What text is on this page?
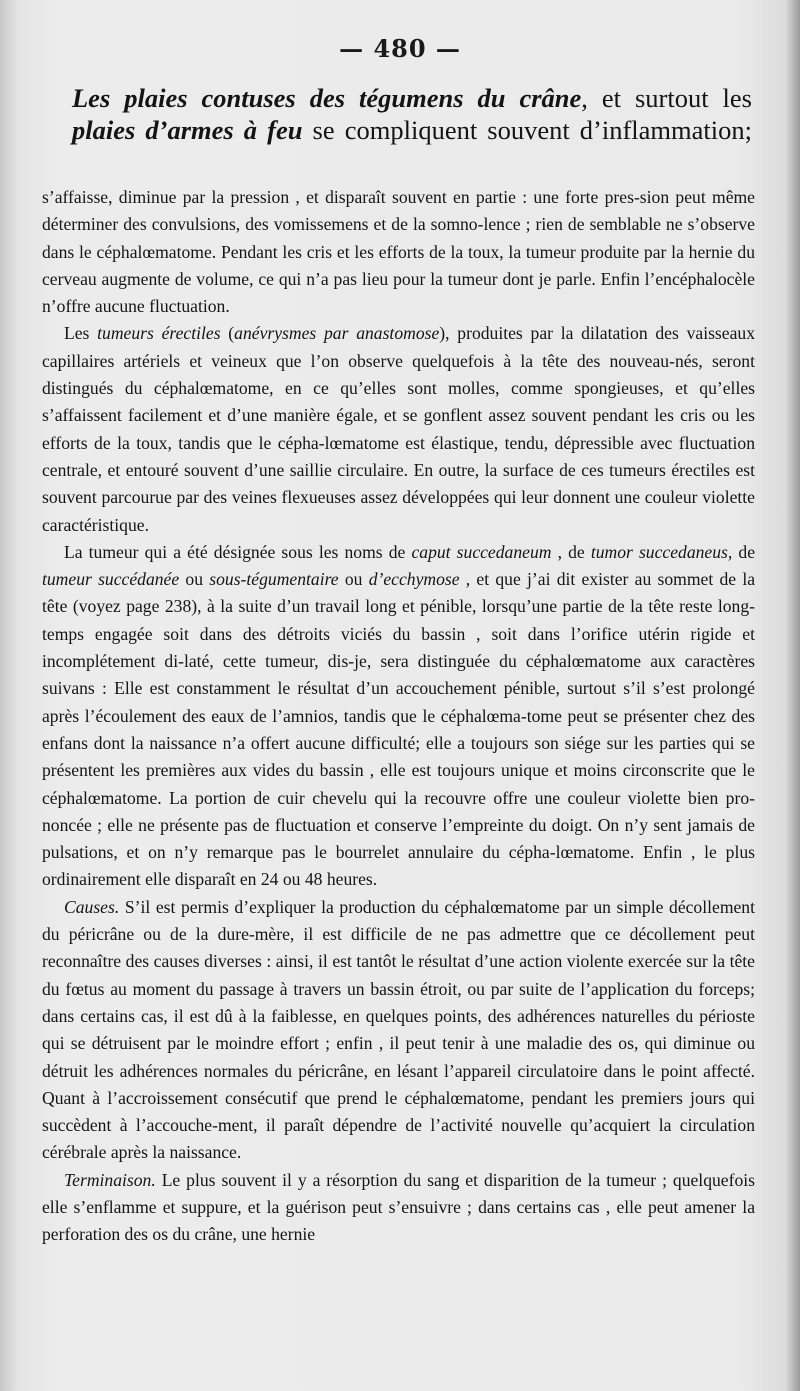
— 480 —
Les plaies contuses des tégumens du crâne, et surtout les
plaies d’armes à feu se compliquent souvent d’inflammation;

s’affaisse, diminue par la pression , et disparaît souvent en partie : une forte pres-sion peut même déterminer des convulsions, des vomissemens et de la somno-lence ; rien de semblable ne s’observe dans le céphalœmatome. Pendant les cris et les efforts de la toux, la tumeur produite par la hernie du cerveau augmente de volume, ce qui n’a pas lieu pour la tumeur dont je parle. Enfin l’encéphalocèle n’offre aucune fluctuation.

Les tumeurs érectiles (anévrysmes par anastomose), produites par la dilatation des vaisseaux capillaires artériels et veineux que l’on observe quelquefois à la tête des nouveau-nés, seront distingués du céphalœmatome, en ce qu’elles sont molles, comme spongieuses, et qu’elles s’affaissent facilement et d’une manière égale, et se gonflent assez souvent pendant les cris ou les efforts de la toux, tandis que le cépha-lœmatome est élastique, tendu, dépressible avec fluctuation centrale, et entouré souvent d’une saillie circulaire. En outre, la surface de ces tumeurs érectiles est souvent parcourue par des veines flexueuses assez développées qui leur donnent une couleur violette caractéristique.

La tumeur qui a été désignée sous les noms de caput succedaneum , de tumor succedaneus, de tumeur succédanée ou sous-tégumentaire ou d’ecchymose , et que j’ai dit exister au sommet de la tête (voyez page 238), à la suite d’un travail long et pénible, lorsqu’une partie de la tête reste long-temps engagée soit dans des détroits viciés du bassin , soit dans l’orifice utérin rigide et incomplétement di-laté, cette tumeur, dis-je, sera distinguée du céphalœmatome aux caractères suivans : Elle est constamment le résultat d’un accouchement pénible, surtout s’il s’est prolongé après l’écoulement des eaux de l’amnios, tandis que le céphalœma-tome peut se présenter chez des enfans dont la naissance n’a offert aucune difficulté; elle a toujours son siége sur les parties qui se présentent les premières aux vides du bassin , elle est toujours unique et moins circonscrite que le céphalœmatome. La portion de cuir chevelu qui la recouvre offre une couleur violette bien pro-noncée ; elle ne présente pas de fluctuation et conserve l’empreinte du doigt. On n’y sent jamais de pulsations, et on n’y remarque pas le bourrelet annulaire du cépha-lœmatome. Enfin , le plus ordinairement elle disparaît en 24 ou 48 heures.

Causes. S’il est permis d’expliquer la production du céphalœmatome par un simple décollement du péricrâne ou de la dure-mère, il est difficile de ne pas admettre que ce décollement peut reconnaître des causes diverses : ainsi, il est tantôt le résultat d’une action violente exercée sur la tête du fœtus au moment du passage à travers un bassin étroit, ou par suite de l’application du forceps; dans certains cas, il est dû à la faiblesse, en quelques points, des adhérences naturelles du périoste qui se détruisent par le moindre effort ; enfin , il peut tenir à une maladie des os, qui diminue ou détruit les adhérences normales du péricrâne, en lésant l’appareil circulatoire dans le point affecté. Quant à l’accroissement consécutif que prend le céphalœmatome, pendant les premiers jours qui succèdent à l’accouche-ment, il paraît dépendre de l’activité nouvelle qu’acquiert la circulation cérébrale après la naissance.

Terminaison. Le plus souvent il y a résorption du sang et disparition de la tumeur ; quelquefois elle s’enflamme et suppure, et la guérison peut s’ensuivre ; dans certains cas , elle peut amener la perforation des os du crâne, une hernie
